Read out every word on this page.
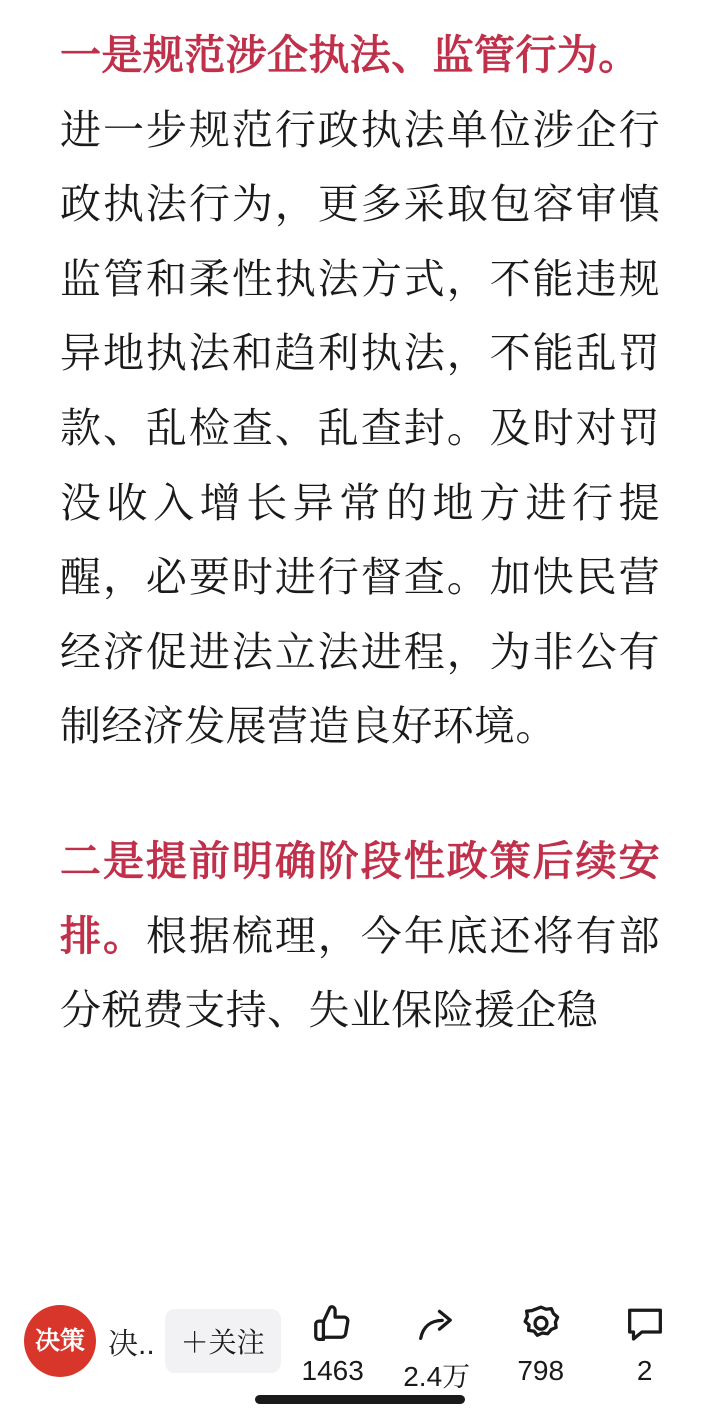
一是规范涉企执法、监管行为。

进一步规范行政执法单位涉企行政执法行为，更多采取包容审慎监管和柔性执法方式，不能违规异地执法和趋利执法，不能乱罚款、乱检查、乱查封。及时对罚没收入增长异常的地方进行提醒，必要时进行督查。加快民营经济促进法立法进程，为非公有制经济发展营造良好环境。

二是提前明确阶段性政策后续安排。根据梳理，今年底还将有部分税费支持、失业保险援企稳

决策 决.. ＋关注
1463 2.4万 798	2
